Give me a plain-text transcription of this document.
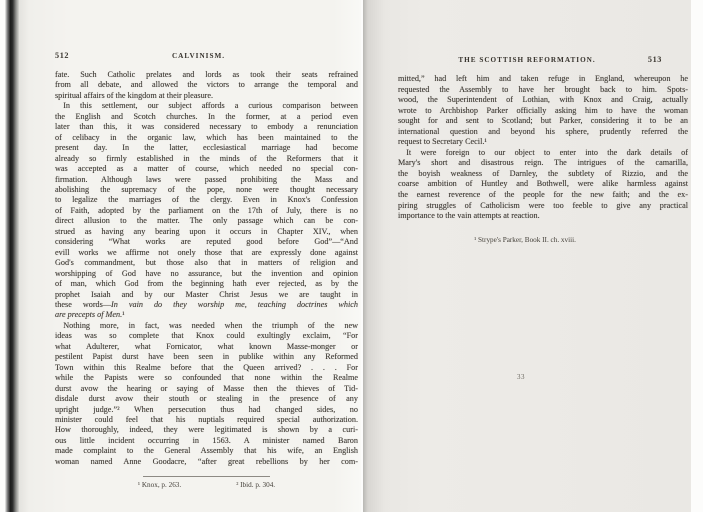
512	CALVINISM.
fate. Such Catholic prelates and lords as took their seats refrained
from all debate, and allowed the victors to arrange the temporal and
spiritual affairs of the kingdom at their pleasure.
 In this settlement, our subject affords a curious comparison between
the English and Scotch churches. In the former, at a period even
later than this, it was considered necessary to embody a renunciation
of celibacy in the organic law, which has been maintained to the
present day. In the latter, ecclesiastical marriage had become
already so firmly established in the minds of the Reformers that it
was accepted as a matter of course, which needed no special con-
firmation. Although laws were passed prohibiting the Mass and
abolishing the supremacy of the pope, none were thought necessary
to legalize the marriages of the clergy. Even in Knox's Confession
of Faith, adopted by the parliament on the 17th of July, there is no
direct allusion to the matter. The only passage which can be con-
strued as having any bearing upon it occurs in Chapter XIV., when
considering “What works are reputed good before God”—“And
evill works we affirme not onely those that are expressly done against
God's commandment, but those also that in matters of religion and
worshipping of God have no assurance, but the invention and opinion
of man, which God from the beginning hath ever rejected, as by the
prophet Isaiah and by our Master Christ Jesus we are taught in
these words—In vain do they worship me, teaching doctrines which
are precepts of Men.¹
 Nothing more, in fact, was needed when the triumph of the new
ideas was so complete that Knox could exultingly exclaim, “For
what Adulterer, what Fornicator, what known Masse-monger or
pestilent Papist durst have been seen in publike within any Reformed
Town within this Realme before that the Queen arrived? . . . For
while the Papists were so confounded that none within the Realme
durst avow the hearing or saying of Masse then the thieves of Tid-
disdale durst avow their stouth or stealing in the presence of any
upright judge.”² When persecution thus had changed sides, no
minister could feel that his nuptials required special authorization.
How thoroughly, indeed, they were legitimated is shown by a curi-
ous little incident occurring in 1563. A minister named Baron
made complaint to the General Assembly that his wife, an English
woman named Anne Goodacre, “after great rebellions by her com-
¹ Knox, p. 263.	² Ibid. p. 304.
THE SCOTTISH REFORMATION.	513
mitted,” had left him and taken refuge in England, whereupon he
requested the Assembly to have her brought back to him. Spots-
wood, the Superintendent of Lothian, with Knox and Craig, actually
wrote to Archbishop Parker officially asking him to have the woman
sought for and sent to Scotland; but Parker, considering it to be an
international question and beyond his sphere, prudently referred the
request to Secretary Cecil.¹
 It were foreign to our object to enter into the dark details of
Mary's short and disastrous reign. The intrigues of the camarilla,
the boyish weakness of Darnley, the subtlety of Rizzio, and the
coarse ambition of Huntley and Bothwell, were alike harmless against
the earnest reverence of the people for the new faith; and the ex-
piring struggles of Catholicism were too feeble to give any practical
importance to the vain attempts at reaction.
¹ Strype's Parker, Book II. ch. xviii.
33
